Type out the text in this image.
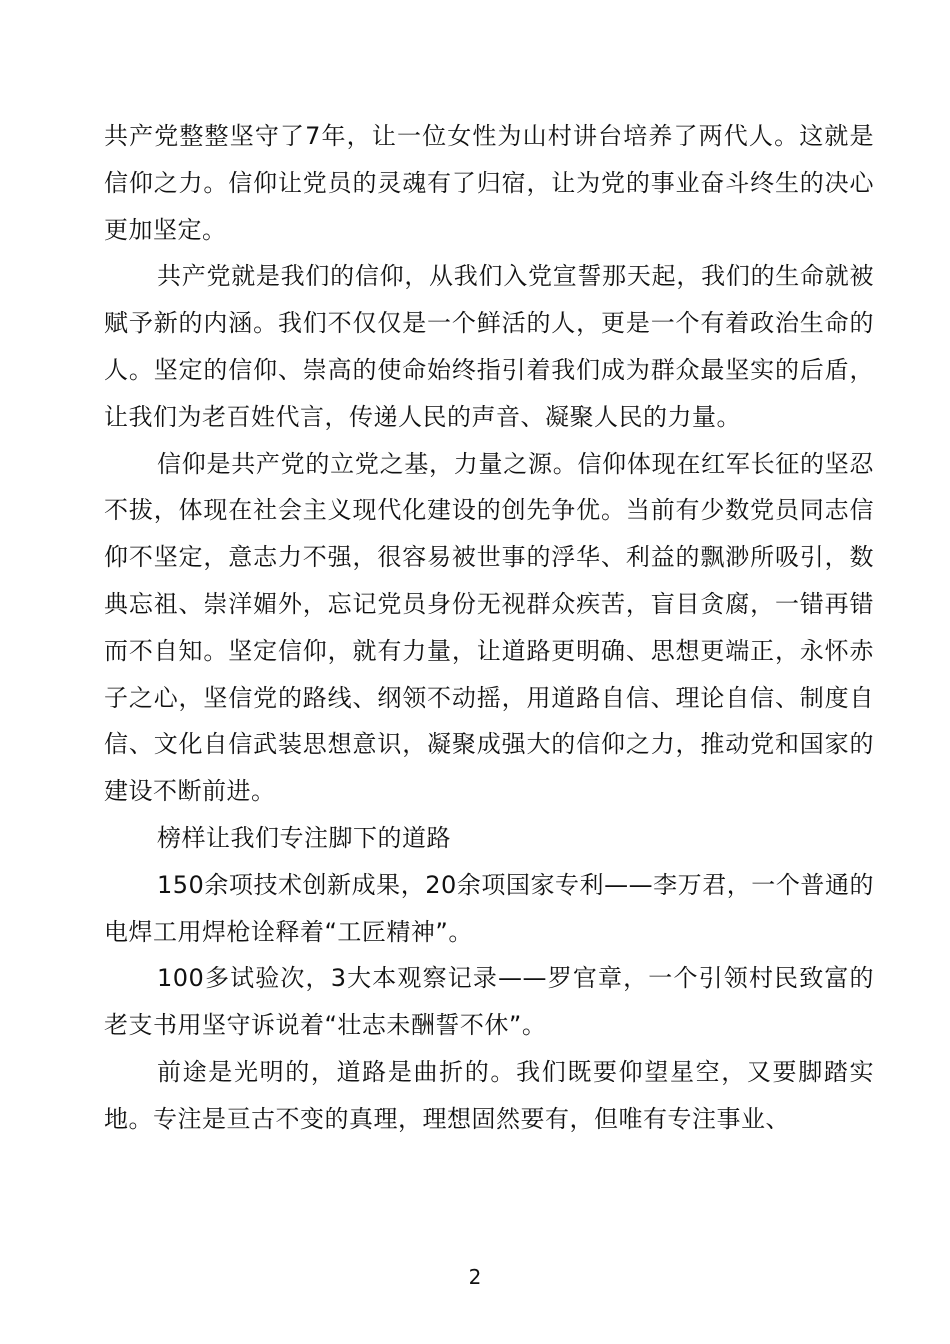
共产党整整坚守了7年，让一位女性为山村讲台培养了两代人。这就是信仰之力。信仰让党员的灵魂有了归宿，让为党的事业奋斗终生的决心更加坚定。

共产党就是我们的信仰，从我们入党宣誓那天起，我们的生命就被赋予新的内涵。我们不仅仅是一个鲜活的人，更是一个有着政治生命的人。坚定的信仰、崇高的使命始终指引着我们成为群众最坚实的后盾，让我们为老百姓代言，传递人民的声音、凝聚人民的力量。

信仰是共产党的立党之基，力量之源。信仰体现在红军长征的坚忍不拔，体现在社会主义现代化建设的创先争优。当前有少数党员同志信仰不坚定，意志力不强，很容易被世事的浮华、利益的飘渺所吸引，数典忘祖、崇洋媚外，忘记党员身份无视群众疾苦，盲目贪腐，一错再错而不自知。坚定信仰，就有力量，让道路更明确、思想更端正，永怀赤子之心，坚信党的路线、纲领不动摇，用道路自信、理论自信、制度自信、文化自信武装思想意识，凝聚成强大的信仰之力，推动党和国家的建设不断前进。

榜样让我们专注脚下的道路

150余项技术创新成果，20余项国家专利——李万君，一个普通的电焊工用焊枪诠释着“工匠精神”。

100多试验次，3大本观察记录——罗官章，一个引领村民致富的老支书用坚守诉说着“壮志未酬誓不休”。

前途是光明的，道路是曲折的。我们既要仰望星空，又要脚踏实地。专注是亘古不变的真理，理想固然要有，但唯有专注事业、

2
